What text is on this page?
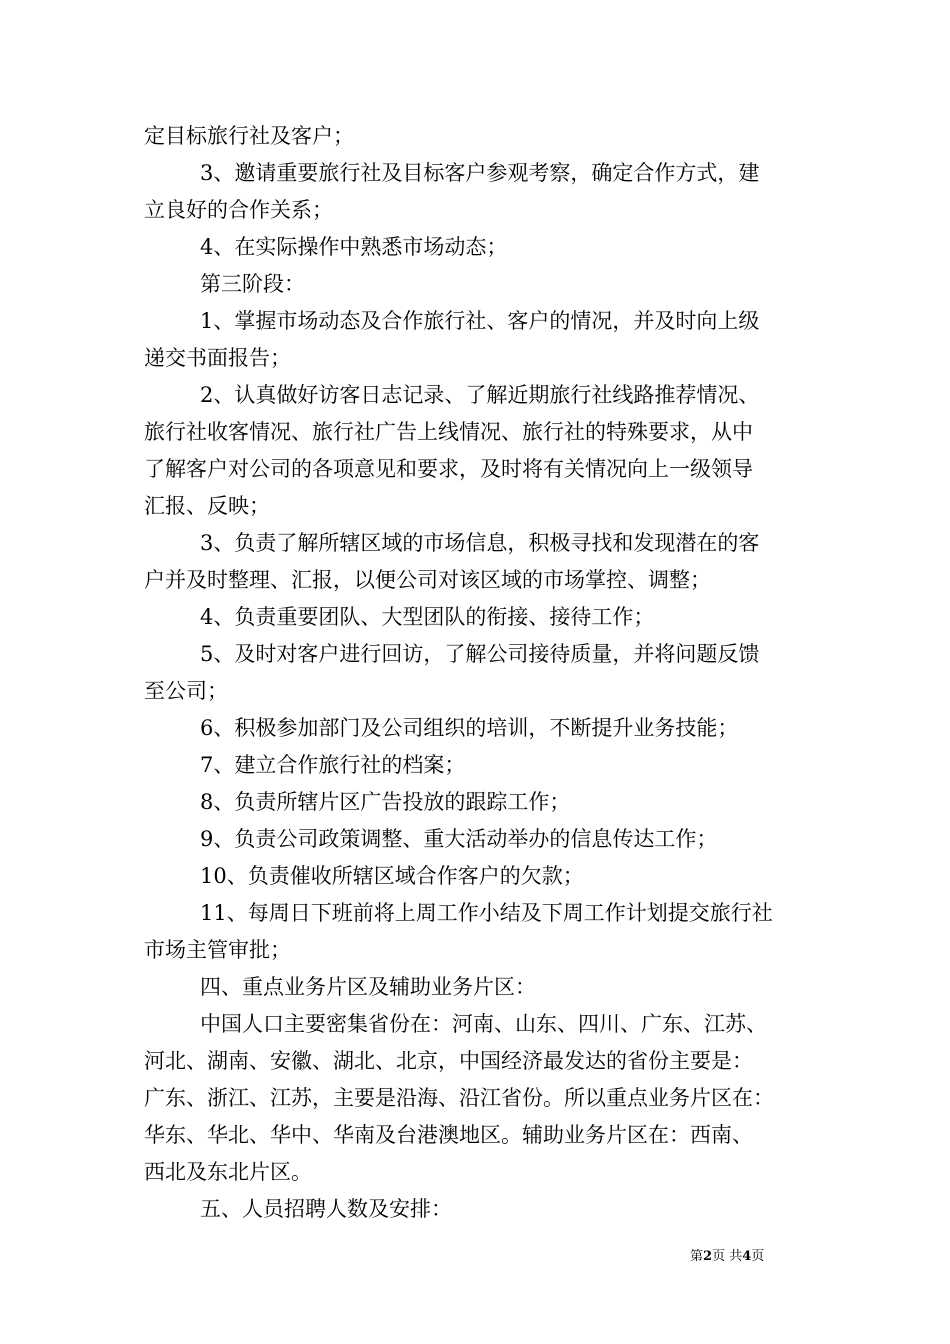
定目标旅行社及客户；
3、邀请重要旅行社及目标客户参观考察，确定合作方式，建
立良好的合作关系；
4、在实际操作中熟悉市场动态；
第三阶段：
1、掌握市场动态及合作旅行社、客户的情况，并及时向上级
递交书面报告；
2、认真做好访客日志记录、了解近期旅行社线路推荐情况、
旅行社收客情况、旅行社广告上线情况、旅行社的特殊要求，从中
了解客户对公司的各项意见和要求，及时将有关情况向上一级领导
汇报、反映；
3、负责了解所辖区域的市场信息，积极寻找和发现潜在的客
户并及时整理、汇报，以便公司对该区域的市场掌控、调整；
4、负责重要团队、大型团队的衔接、接待工作；
5、及时对客户进行回访，了解公司接待质量，并将问题反馈
至公司；
6、积极参加部门及公司组织的培训，不断提升业务技能；
7、建立合作旅行社的档案；
8、负责所辖片区广告投放的跟踪工作；
9、负责公司政策调整、重大活动举办的信息传达工作；
10、负责催收所辖区域合作客户的欠款；
11、每周日下班前将上周工作小结及下周工作计划提交旅行社
市场主管审批；
四、重点业务片区及辅助业务片区：
中国人口主要密集省份在：河南、山东、四川、广东、江苏、
河北、湖南、安徽、湖北、北京，中国经济最发达的省份主要是：
广东、浙江、江苏，主要是沿海、沿江省份。所以重点业务片区在：
华东、华北、华中、华南及台港澳地区。辅助业务片区在：西南、
西北及东北片区。
五、人员招聘人数及安排：
第2页 共4页
